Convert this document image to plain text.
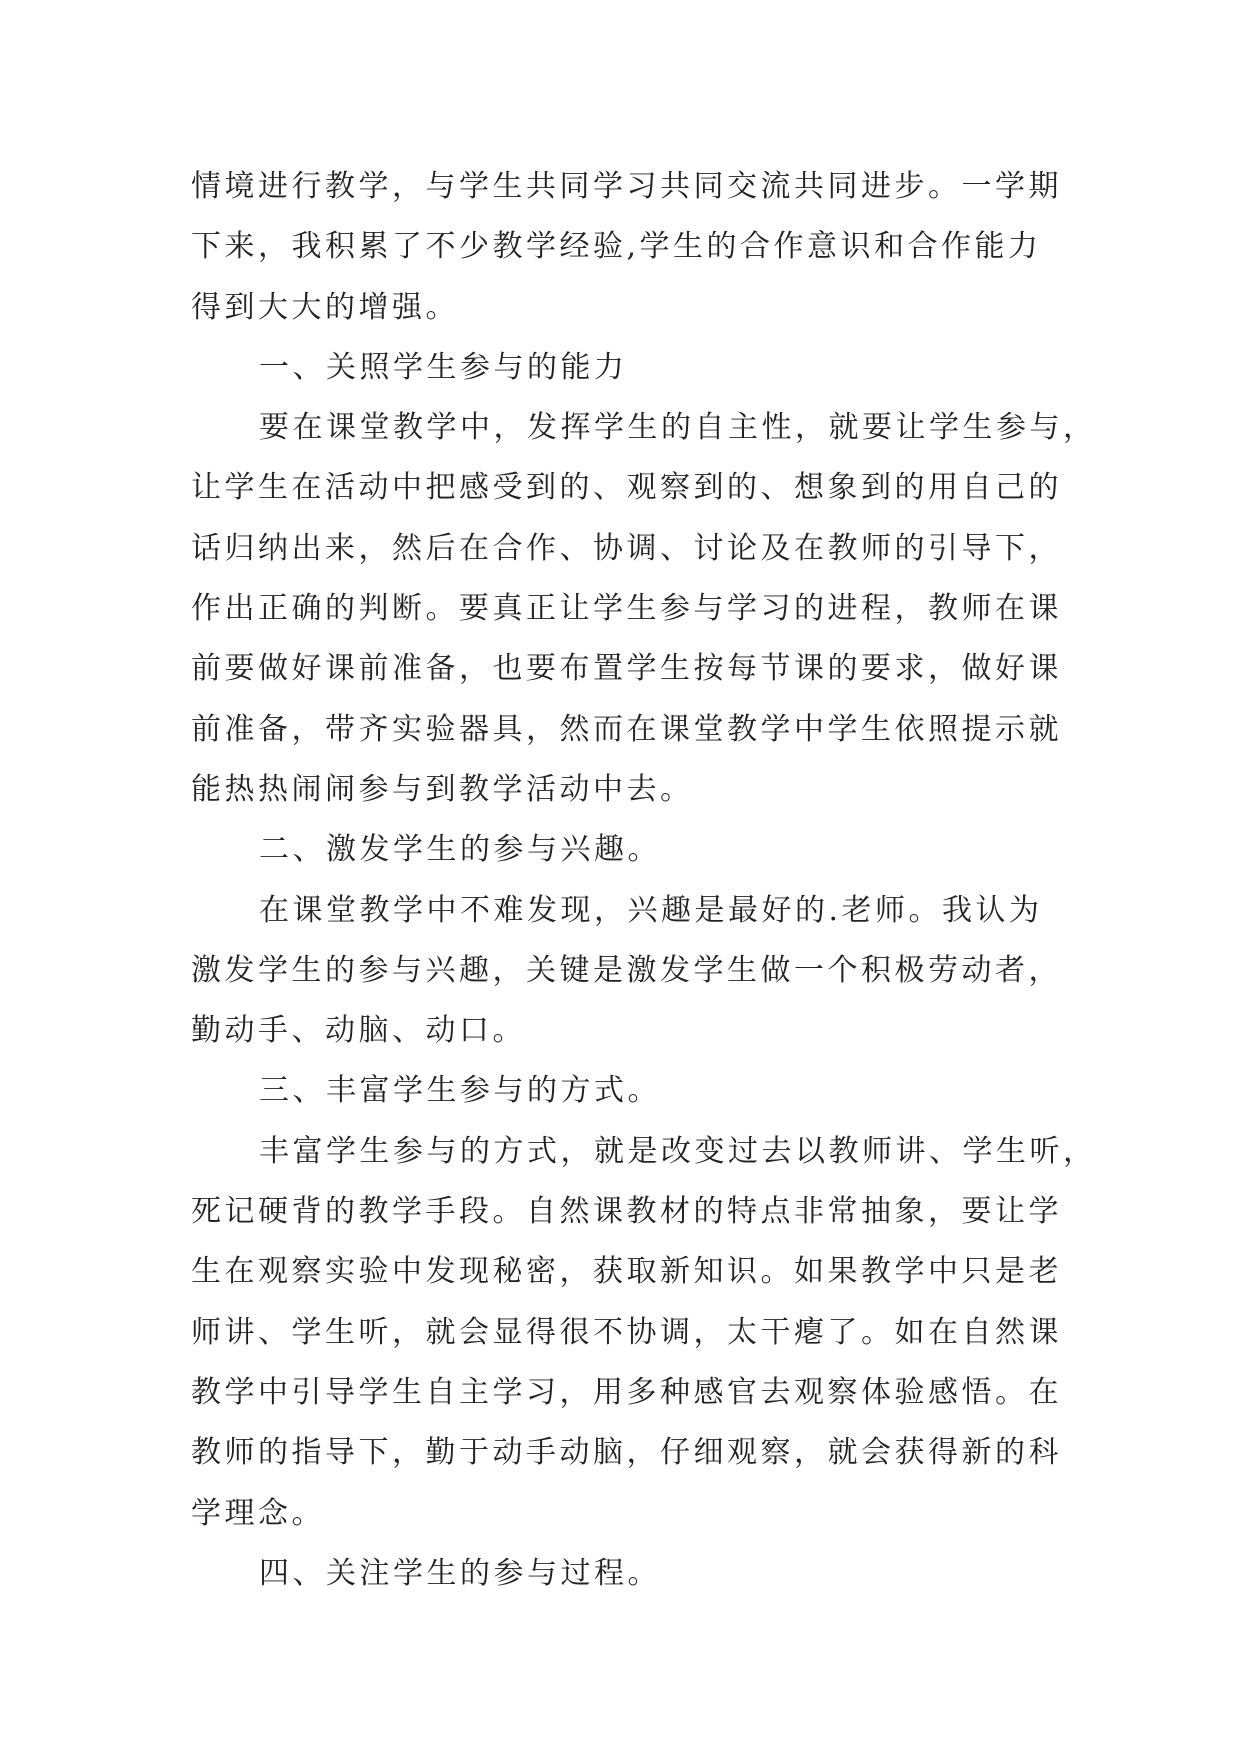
情境进行教学，与学生共同学习共同交流共同进步。一学期
下来，我积累了不少教学经验,学生的合作意识和合作能力
得到大大的增强。
一、关照学生参与的能力
要在课堂教学中，发挥学生的自主性，就要让学生参与，
让学生在活动中把感受到的、观察到的、想象到的用自己的
话归纳出来，然后在合作、协调、讨论及在教师的引导下，
作出正确的判断。要真正让学生参与学习的进程，教师在课
前要做好课前准备，也要布置学生按每节课的要求，做好课
前准备，带齐实验器具，然而在课堂教学中学生依照提示就
能热热闹闹参与到教学活动中去。
二、激发学生的参与兴趣。
在课堂教学中不难发现，兴趣是最好的.老师。我认为
激发学生的参与兴趣，关键是激发学生做一个积极劳动者，
勤动手、动脑、动口。
三、丰富学生参与的方式。
丰富学生参与的方式，就是改变过去以教师讲、学生听，
死记硬背的教学手段。自然课教材的特点非常抽象，要让学
生在观察实验中发现秘密，获取新知识。如果教学中只是老
师讲、学生听，就会显得很不协调，太干瘪了。如在自然课
教学中引导学生自主学习，用多种感官去观察体验感悟。在
教师的指导下，勤于动手动脑，仔细观察，就会获得新的科
学理念。
四、关注学生的参与过程。
